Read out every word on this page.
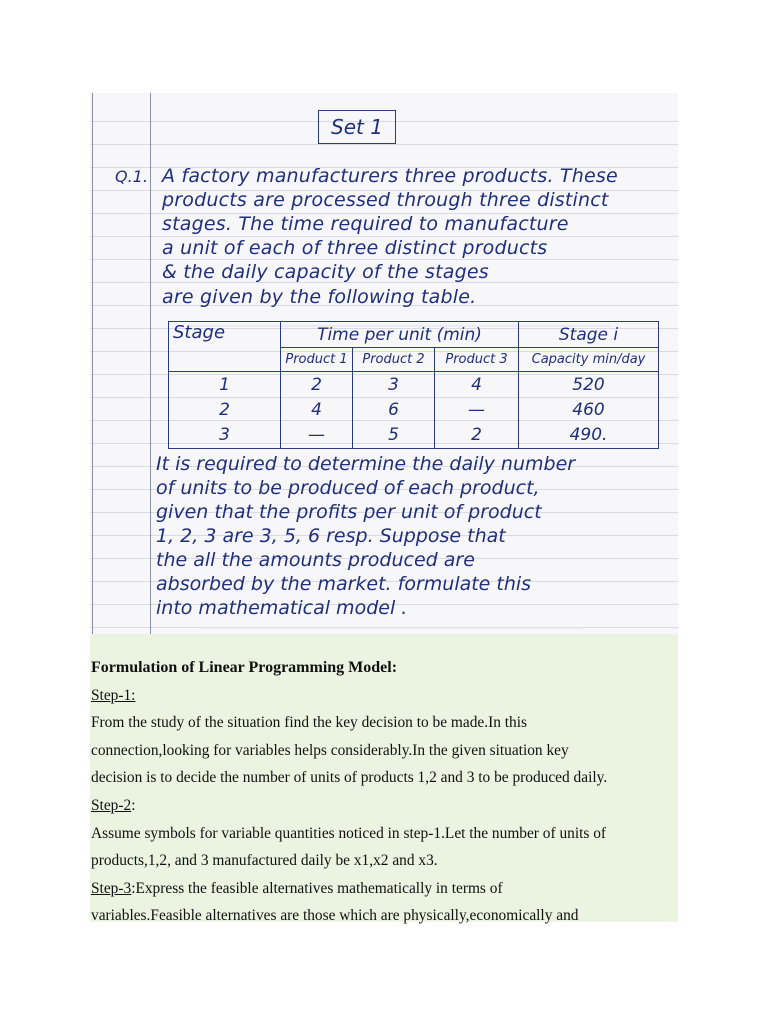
Set 1
Q.1. A factory manufacturers three products. These
products are processed through three distinct
stages. The time required to manufacture
a unit of each of three distinct products
& the daily capacity of the stages
are given by the following table.
Stage	Time per unit (min)			Stage i
	Product 1	Product 2	Product 3	Capacity min/day
1	2	3	4	520
2	4	6	—	460
3	—	5	2	490.
It is required to determine the daily number
of units to be produced of each product,
given that the profits per unit of product
1, 2, 3 are 3, 5, 6 resp. Suppose that
the all the amounts produced are
absorbed by the market. formulate this
into mathematical model .

Formulation of Linear Programming Model:

Step-1:

From the study of the situation find the key decision to be made.In this

connection,looking for variables helps considerably.In the given situation key

decision is to decide the number of units of products 1,2 and 3 to be produced daily.

Step-2:

Assume symbols for variable quantities noticed in step-1.Let the number of units of

products,1,2, and 3 manufactured daily be x1,x2 and x3.

Step-3:Express the feasible alternatives mathematically in terms of

variables.Feasible alternatives are those which are physically,economically and
